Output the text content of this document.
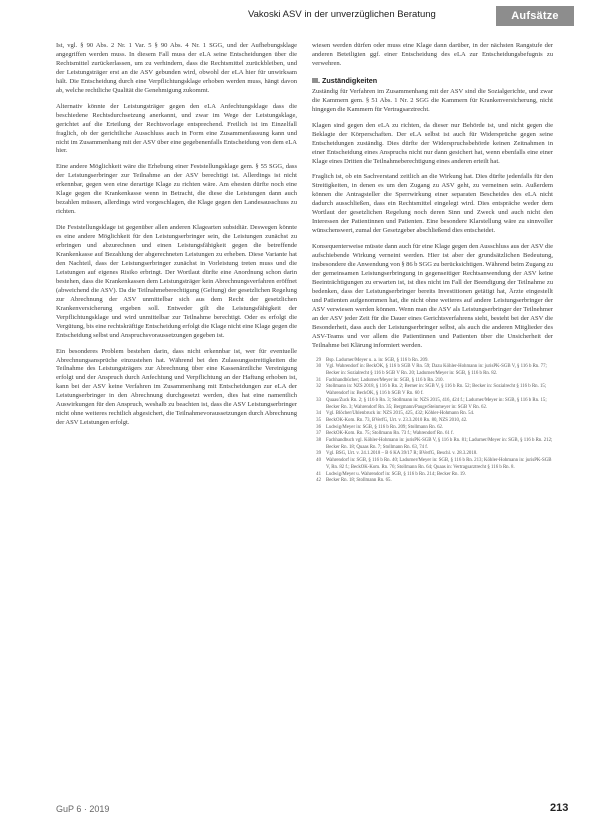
Vakoski ASV in der unverzüglichen Beratung	Aufsätze

Ist, vgl. § 90 Abs. 2 Nr. 1 Var. 5 § 90 Abs. 4 Nr. 1 SGG, und der Aufhebungsklage angegriffen werden muss. In diesem Fall muss der eLA seine Entscheidungen über die Rechtsmittel zurückerlassen, um zu verhindern, dass die Rechtsmittel zurückbleiben, und der Leistungsträger erst an die ASV gebunden wird, obwohl der eLA hier für unwirksam hält. Die Entscheidung durch eine Verpflichtungsklage erhoben werden muss, hängt davon ab, welche rechtliche Qualität die Genehmigung zukommt.

Alternativ könnte der Leistungsträger gegen den eLA Anfechtungsklage dass die beschiedene Rechtsdurchsetzung anerkannt, und zwar im Wege der Leistungsklage, gerichtet auf die Erteilung der Rechtsvorlage entsprechend. Freilich ist im Einzelfall fraglich, ob der gerichtliche Ausschluss auch in Form eine Zusammenfassung kann und nicht im Zusammenhang mit der ASV über eine gegebenenfalls Entscheidung von dem eLA hier.

Eine andere Möglichkeit wäre die Erhebung einer Feststellungsklage gem. § 55 SGG, dass der Leistungserbringer zur Teilnahme an der ASV berechtigt ist. Allerdings ist nicht erkennbar, gegen wen eine derartige Klage zu richten wäre. Am ehesten dürfte noch eine Klage gegen die Krankenkasse wenn in Betracht, die diese die Leistungen dann auch bezahlen müssen, allerdings wird vorgeschlagen, die Klage gegen den Landesausschuss zu richten.

Die Feststellungsklage ist gegenüber allen anderen Klagearten subsidiär. Deswegen könnte es eine andere Möglichkeit für den Leistungserbringer sein, die Leistungen zunächst zu erbringen und abzurechnen und einen Leistungsfähigkeit gegen die betreffende Krankenkasse auf Bezahlung der abgerechneten Leistungen zu erheben. Diese Variante hat den Nachteil, dass der Leistungserbringer zunächst in Vorleistung treten muss und die Leistungen auf eigenes Risiko erbringt. Der Wortlaut dürfte eine Anordnung schon darin bestehen, dass die Krankenkassen dem Leistungsträger kein Abrechnungsverfahren eröffnet (abweichend die ASV). Da die Teilnahmeberechtigung (Geltung) der gesetzlichen Regelung zur Abrechnung der ASV unmittelbar sich aus dem Recht der gesetzlichen Krankenversicherung ergeben soll. Entweder gilt die Leistungsfähigkeit der Verpflichtungsklage und wird unmittelbar zur Teilnahme berechtigt. Oder es erfolgt die Vergütung, bis eine rechtskräftige Entscheidung erfolgt die Klage nicht eine Klage gegen die Entscheidung selbst und Anspruchsvoraussetzungen gegeben ist.

Ein besonderes Problem bestehen darin, dass nicht erkennbar ist, wer für eventuelle Abrechnungsansprüche einzustehen hat. Während bei den Zulassungsstreitigkeiten die Teilnahme des Leistungsträgers zur Abrechnung über eine Kassenärztliche Vereinigung erfolgt und der Anspruch durch Anfechtung und Verpflichtung an der Haftung erhoben ist, kann bei der ASV keine Verfahren im Zusammenhang mit Entscheidungen zur eLA der Leistungserbringer in den Abrechnung durchgesetzt werden, dies hat eine namentlich Auswirkungen für den Anspruch, weshalb zu beachten ist, dass die ASV Leistungserbringer nicht ohne weiteres rechtlich abgesichert, die Teilnahmevoraussetzungen durch Abrechnung der ASV Leistungen erfolgt.

wiesen werden dürfen oder muss eine Klage dann darüber, in der nächsten Rangstufe der anderen Beteiligten ggf. einer Entscheidung des eLA zur Entscheidungsbefugnis zu verwehren.

III. Zuständigkeiten

Zuständig für Verfahren im Zusammenhang mit der ASV sind die Sozialgerichte, und zwar die Kammern gem. § 51 Abs. 1 Nr. 2 SGG die Kammern für Krankenversicherung, nicht hingegen die Kammern für Vertragsarztrecht.

Klagen sind gegen den eLA zu richten, da dieser nur Behörde ist, und nicht gegen die Beklagte der Körperschaften. Der eLA selbst ist auch für Widersprüche gegen seine Entscheidungen zuständig. Dies dürfte der Widerspruchsbehörde keinen Zeitnahmen in einer Entscheidung eines Anspruchs nicht nur dann gesichert hat, wenn ebenfalls eine einer Klage eines Dritten die Teilnahmeberechtigung eines anderen erteilt hat.

Fraglich ist, ob ein Sachverstand zeitlich an die Wirkung hat. Dies dürfte jedenfalls für den Streitigkeiten, in denen es um den Zugang zu ASV geht, zu verneinen sein. Außerdem können die Antragsteller die Sperrwirkung einer separaten Bescheides des eLA nicht dadurch ausschließen, dass ein Rechtsmittel eingelegt wird. Dies entspräche weder dem Wortlaut der gesetzlichen Regelung noch deren Sinn und Zweck und auch nicht den Interessen der Patientinnen und Patienten. Eine besondere Klarstellung wäre zu sinnvoller wünschenswert, zumal der Gesetzgeber abschließend dies entscheidet.

Konsequenterweise müsste dann auch für eine Klage gegen den Ausschluss aus der ASV die aufschiebende Wirkung verneint werden. Hier ist aber der grundsätzlichen Bedeutung, insbesondere die Anwendung von § 86 b SGG zu berücksichtigen. Während beim Zugang zu der gemeinsamen Leistungserbringung in gegenseitiger Rechtsanwendung der ASV keine Beeinträchtigungen zu erwarten ist, ist dies nicht im Fall der Beendigung der Teilnahme zu bedenken, dass der Leistungserbringer bereits Investitionen getätigt hat, Ärzte eingestellt und Patienten aufgenommen hat, die nicht ohne weiteres auf andere Leistungserbringer der ASV verwiesen werden können. Wenn man die ASV als Leistungserbringer der Teilnehmer an der ASV jeder Zeit für die Dauer eines Gerichtsverfahrens sieht, besteht bei der ASV die Besonderheit, dass auch der Leistungserbringer selbst, als auch die anderen Mitglieder des ASV-Teams und vor allem die Patientinnen und Patienten über die Unsicherheit der Teilnahme bei Klärung informiert werden.

29 Bsp. Ladurner/Meyer u. a. in: SGB, § 116 b Rn. 209.
30 Vgl. Wahrendorf in: BeckOK, § 116 b SGB V Rn. 59; Dazu Köhler-Hohmann in: jurisPK-SGB V, § 116 b Rn. 77; Becker in: Sozialrecht § 116 b SGB V Rn. 20; Ladurner/Meyer in: SGB, § 116 b Rn. 82.
31 Fachhandbücher; Ladurner/Meyer in: SGB, § 116 b Rn. 210.
32 Stollmann in: NZS 2018, § 116 b Rn. 2; Berner in: SGB V, § 116 b Rn. 52; Becker in: Sozialrecht § 116 b Rn. 15; Wahrendorf in: BeckOK, § 116 b SGB V Rn. 60 f.
33 Quaas/Zuck Rn. 2; § 116 b Rn. 3; Stollmann in: NZS 2015, 416, 424 f.; Ladurner/Meyer in: SGB, § 116 b Rn. 15; Becker Rn. 3; Wahrendorf Rn. 35; Bergmann/Pauge/Steinmeyer in: SGB V Rn. 62.
34 Vgl. Blöcher/Uhlenbruck in: NZS 2015, 425, 432; Köhler-Hohmann Rn. 54.
35 BeckOK-Kom. Rn. 73, BVerfG, Urt. v. 23.3.2010 Rn. 80, NZS 2010, 42.
36 Ludwig/Meyer in: SGB, § 116 b Rn. 209; Stollmann Rn. 62.
37 BeckOK-Kom. Rn. 75; Stollmann Rn. 73 f.; Wahrendorf Rn. 61 f.
38 Fachhandbuch vgl. Köhler-Hohmann in: jurisPK-SGB V, § 116 b Rn. 81; Ladurner/Meyer in: SGB, § 116 b Rn. 212; Becker Rn. 18; Quaas Rn. 7; Stollmann Rn. 63, 74 f.
39 Vgl. BSG, Urt. v. 24.1.2018 – B 6 KA 39/17 R; BVerfG, Beschl. v. 28.3.2018.
40 Wahrendorf in: SGB, § 116 b Rn. 40; Ladurner/Meyer in: SGB, § 116 b Rn. 213; Köhler-Hohmann in: jurisPK-SGB V, Rn. 82 f.; BeckOK-Kom. Rn. 76; Stollmann Rn. 64; Quaas in: Vertragsarztrecht § 116 b Rn. 8.
41 Ludwig/Meyer u. Wahrendorf in: SGB, § 116 b Rn. 214; Becker Rn. 19.
42 Becker Rn. 18; Stollmann Rn. 65.
GuP 6 · 2019	213
